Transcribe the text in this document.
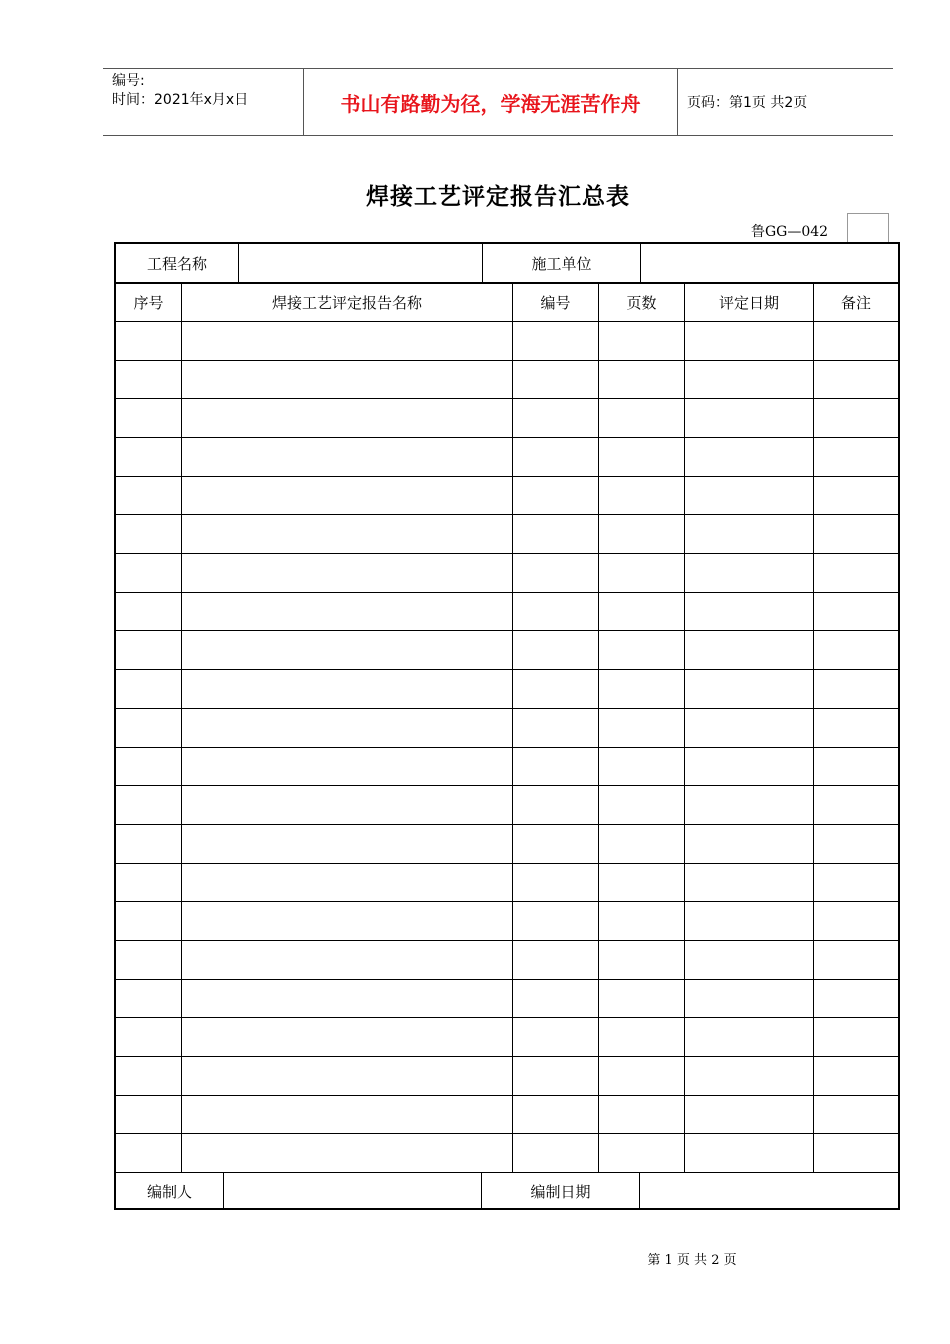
编号:
时间：2021年x月x日	书山有路勤为径，学海无涯苦作舟	页码：第1页 共2页
焊接工艺评定报告汇总表
鲁GG—042
工程名称	施工单位
序号	焊接工艺评定报告名称	编号	页数	评定日期	备注
编制人	编制日期
第 1 页 共 2 页
